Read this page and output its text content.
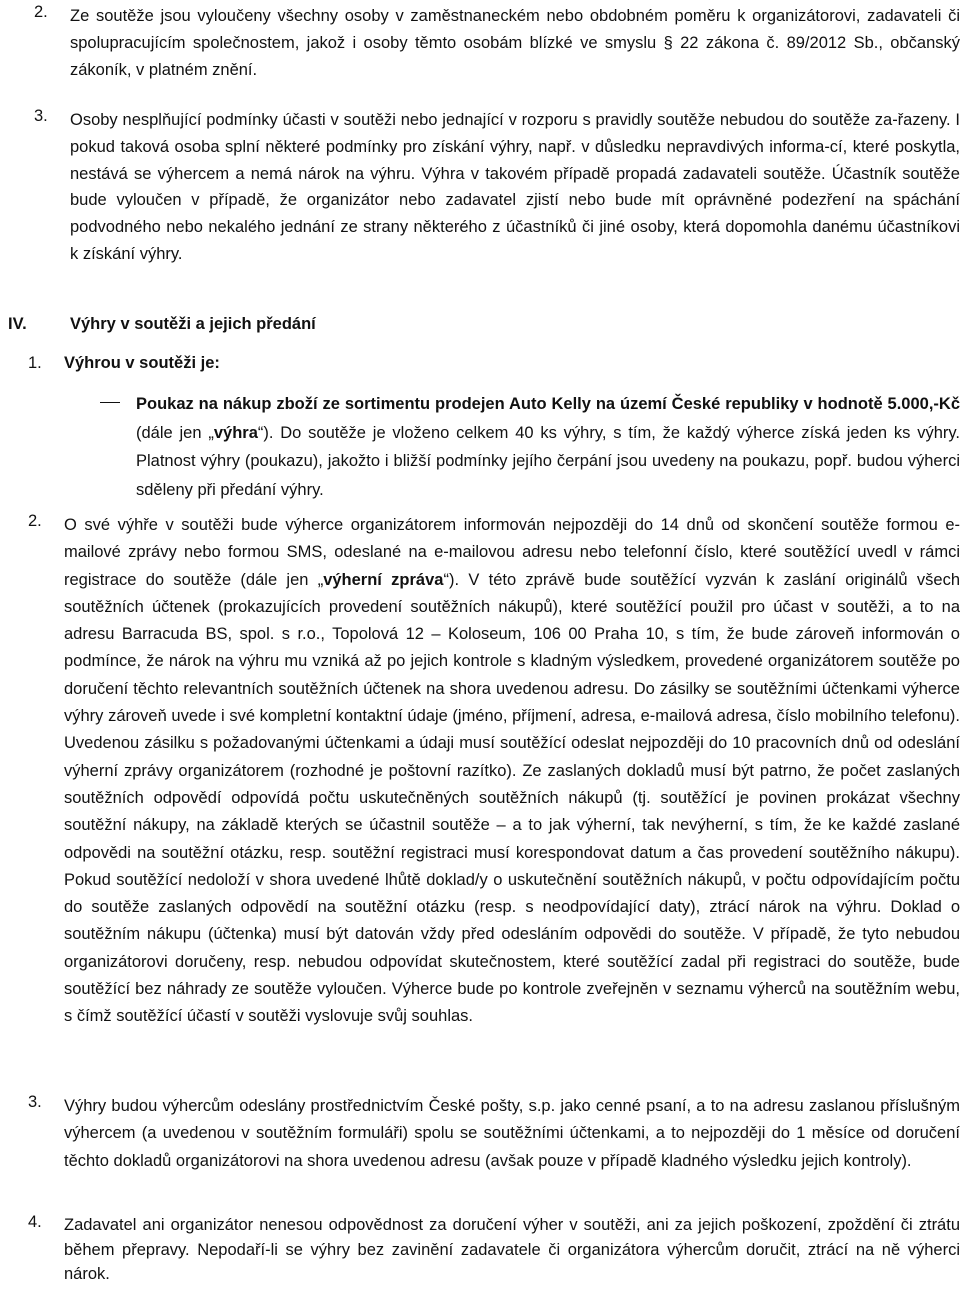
2. Ze soutěže jsou vyloučeny všechny osoby v zaměstnaneckém nebo obdobném poměru k organizátorovi, zadavateli či spolupracujícím společnostem, jakož i osoby těmto osobám blízké ve smyslu § 22 zákona č. 89/2012 Sb., občanský zákoník, v platném znění.

3. Osoby nesplňující podmínky účasti v soutěži nebo jednající v rozporu s pravidly soutěže nebudou do soutěže za-řazeny. I pokud taková osoba splní některé podmínky pro získání výhry, např. v důsledku nepravdivých informa-cí, které poskytla, nestává se výhercem a nemá nárok na výhru. Výhra v takovém případě propadá zadavateli soutěže. Účastník soutěže bude vyloučen v případě, že organizátor nebo zadavatel zjistí nebo bude mít oprávněné podezření na spáchání podvodného nebo nekalého jednání ze strany některého z účastníků či jiné osoby, která dopomohla danému účastníkovi k získání výhry.

IV.	Výhry v soutěži a jejich předání
1. Výhrou v soutěži je:

Poukaz na nákup zboží ze sortimentu prodejen Auto Kelly na území České republiky v hodnotě 5.000,-Kč (dále jen „výhra“). Do soutěže je vloženo celkem 40 ks výhry, s tím, že každý výherce získá jeden ks výhry. Platnost výhry (poukazu), jakožto i bližší podmínky jejího čerpání jsou uvedeny na poukazu, popř. budou výherci sděleny při předání výhry.

2. O své výhře v soutěži bude výherce organizátorem informován nejpozději do 14 dnů od skončení soutěže formou e-mailové zprávy nebo formou SMS, odeslané na e-mailovou adresu nebo telefonní číslo, které soutěžící uvedl v rámci registrace do soutěže (dále jen „výherní zpráva“). V této zprávě bude soutěžící vyzván k zaslání originálů všech soutěžních účtenek (prokazujících provedení soutěžních nákupů), které soutěžící použil pro účast v soutěži, a to na adresu Barracuda BS, spol. s r.o., Topolová 12 – Koloseum, 106 00 Praha 10, s tím, že bude zároveň informován o podmínce, že nárok na výhru mu vzniká až po jejich kontrole s kladným výsledkem, provedené organizátorem soutěže po doručení těchto relevantních soutěžních účtenek na shora uvedenou adresu. Do zásilky se soutěžními účtenkami výherce výhry zároveň uvede i své kompletní kontaktní údaje (jméno, příjmení, adresa, e-mailová adresa, číslo mobilního telefonu). Uvedenou zásilku s požadovanými účtenkami a údaji musí soutěžící odeslat nejpozději do 10 pracovních dnů od odeslání výherní zprávy organizátorem (rozhodné je poštovní razítko). Ze zaslaných dokladů musí být patrno, že počet zaslaných soutěžních odpovědí odpovídá počtu uskutečněných soutěžních nákupů (tj. soutěžící je povinen prokázat všechny soutěžní nákupy, na základě kterých se účastnil soutěže – a to jak výherní, tak nevýherní, s tím, že ke každé zaslané odpovědi na soutěžní otázku, resp. soutěžní registraci musí korespondovat datum a čas provedení soutěžního nákupu). Pokud soutěžící nedoloží v shora uvedené lhůtě doklad/y o uskutečnění soutěžních nákupů, v počtu odpovídajícím počtu do soutěže zaslaných odpovědí na soutěžní otázku (resp. s neodpovídající daty), ztrácí nárok na výhru. Doklad o soutěžním nákupu (účtenka) musí být datován vždy před odesláním odpovědi do soutěže. V případě, že tyto nebudou organizátorovi doručeny, resp. nebudou odpovídat skutečnostem, které soutěžící zadal při registraci do soutěže, bude soutěžící bez náhrady ze soutěže vyloučen. Výherce bude po kontrole zveřejněn v seznamu výherců na soutěžním webu, s čímž soutěžící účastí v soutěži vyslovuje svůj souhlas.

3. Výhry budou výhercům odeslány prostřednictvím České pošty, s.p. jako cenné psaní, a to na adresu zaslanou příslušným výhercem (a uvedenou v soutěžním formuláři) spolu se soutěžními účtenkami, a to nejpozději do 1 měsíce od doručení těchto dokladů organizátorovi na shora uvedenou adresu (avšak pouze v případě kladného výsledku jejich kontroly).

4. Zadavatel ani organizátor nenesou odpovědnost za doručení výher v soutěži, ani za jejich poškození, zpoždění či ztrátu během přepravy. Nepodaří-li se výhry bez zavinění zadavatele či organizátora výhercům doručit, ztrácí na ně výherci nárok.
